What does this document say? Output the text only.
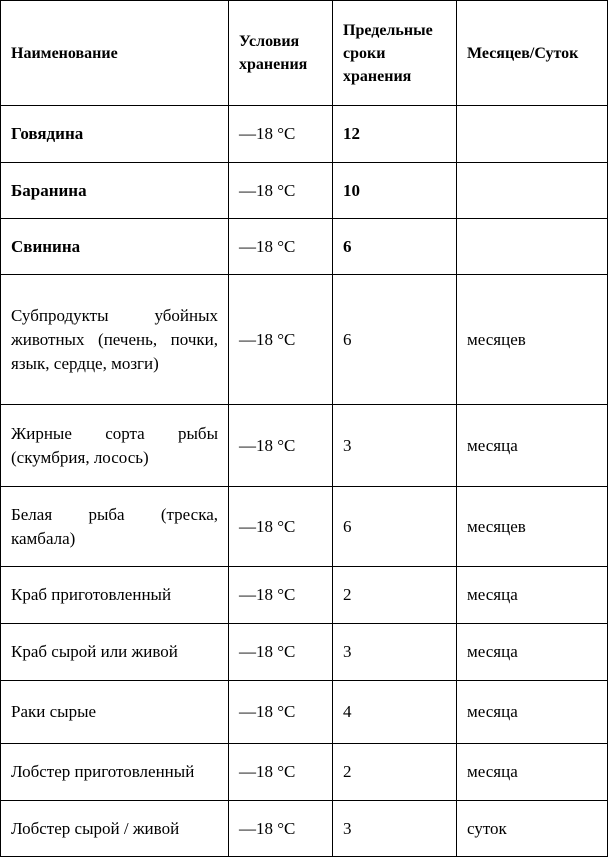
Наименование	Условия хранения	Предельные сроки хранения	Месяцев/Суток
Говядина	—18 °C	12	
Баранина	—18 °C	10	
Свинина	—18 °C	6	
Субпродукты убойных животных (печень, почки, язык, сердце, мозги)	—18 °C	6	месяцев
Жирные сорта рыбы (скумбрия, лосось)	—18 °C	3	месяца
Белая рыба (треска, камбала)	—18 °C	6	месяцев
Краб приготовленный	—18 °C	2	месяца
Краб сырой или живой	—18 °C	3	месяца
Раки сырые	—18 °C	4	месяца
Лобстер приготовленный	—18 °C	2	месяца
Лобстер сырой / живой	—18 °C	3	суток
